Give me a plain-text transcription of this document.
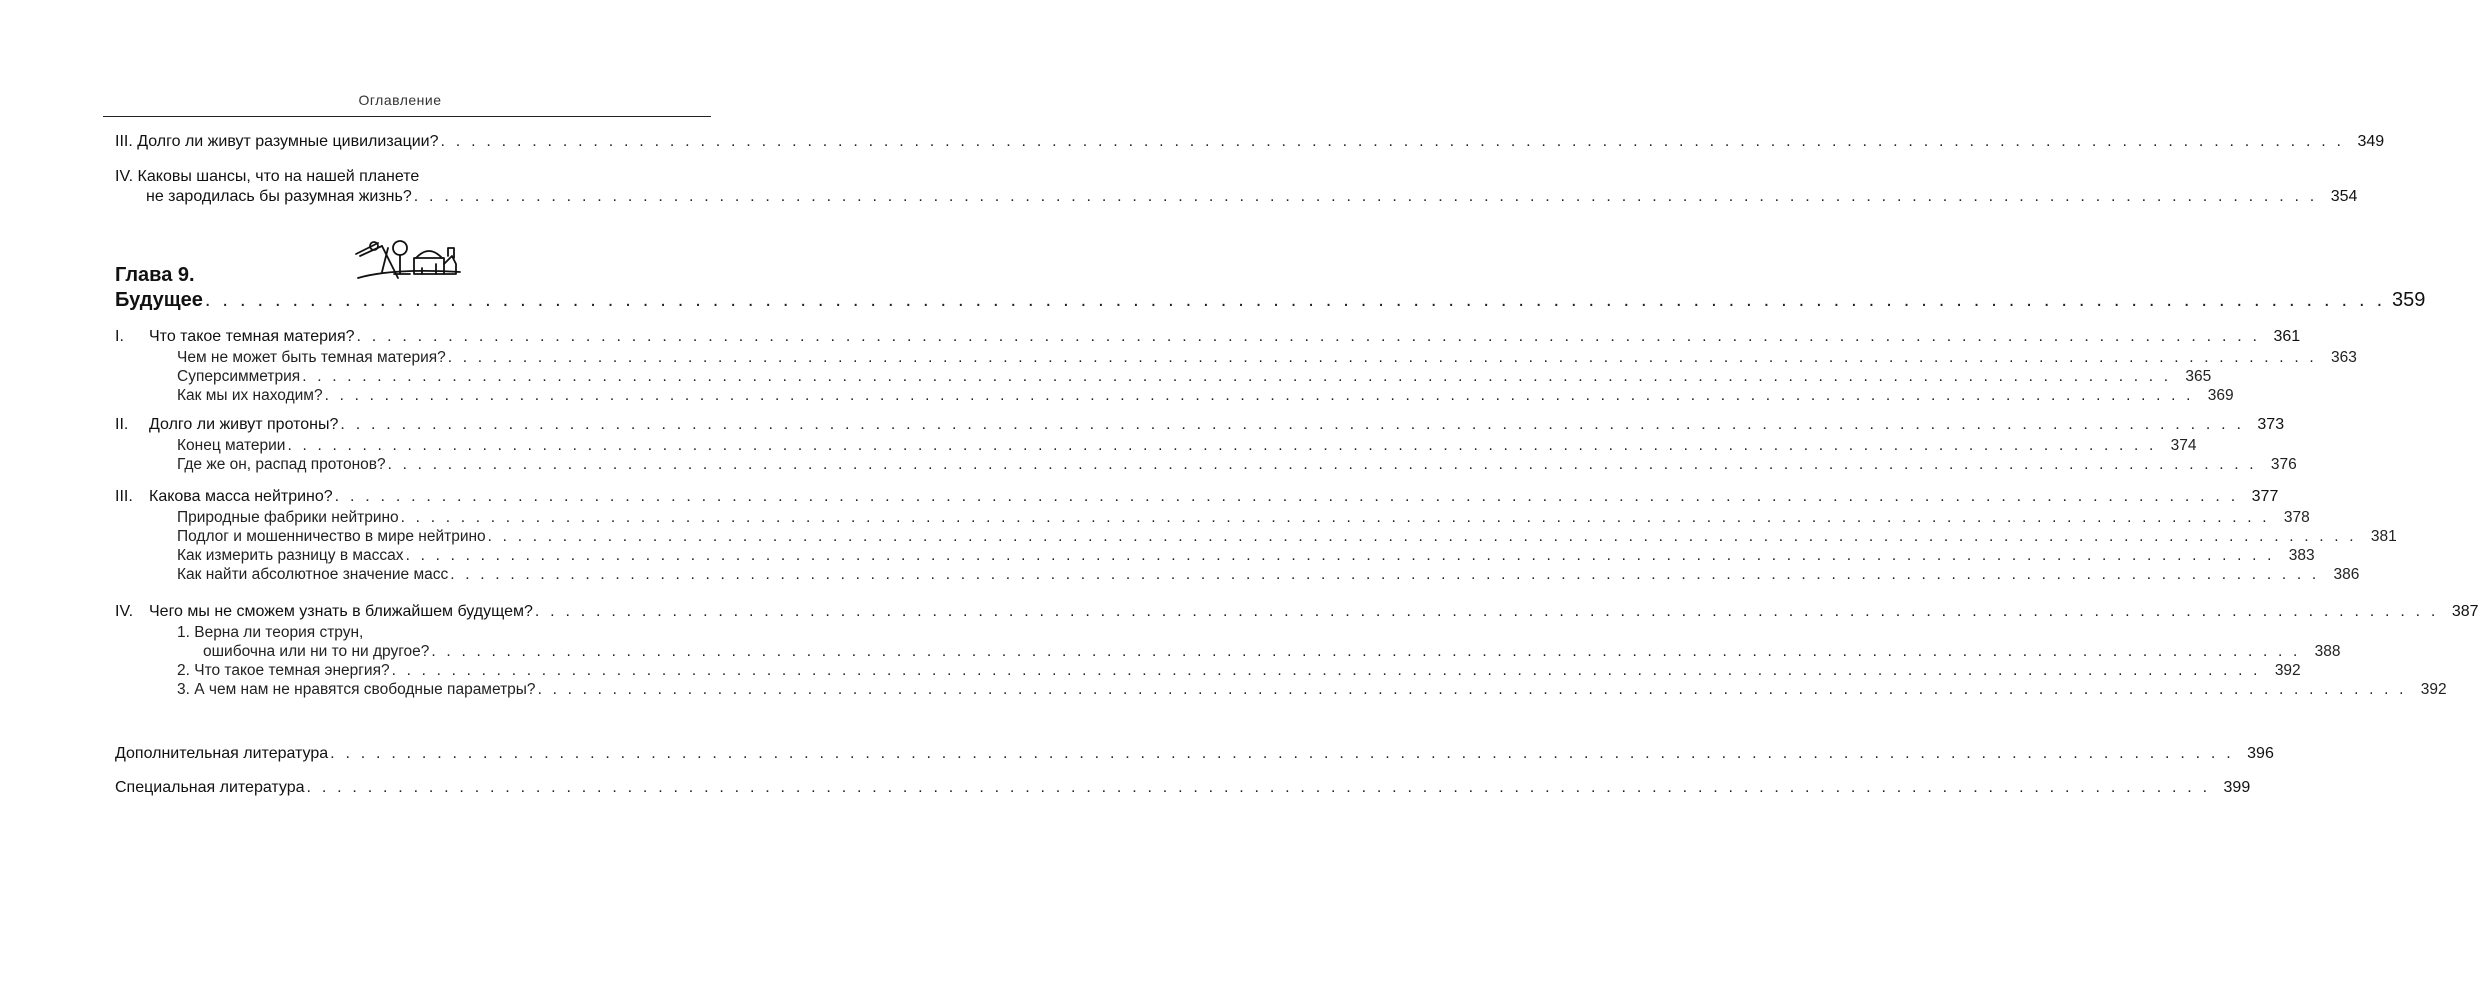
Оглавление
III. Долго ли живут разумные цивилизации? . . .	349
IV. Каковы шансы, что на нашей планете
не зародилась бы разумная жизнь? . . .	354
Глава 9.
Будущее . . .	359
I. Что такое темная материя? . . .	361
Чем не может быть темная материя? . . .	363
Суперсимметрия . . .	365
Как мы их находим? . . .	369
II. Долго ли живут протоны? . . .	373
Конец материи . . .	374
Где же он, распад протонов? . . .	376
III. Какова масса нейтрино? . . .	377
Природные фабрики нейтрино . . .	378
Подлог и мошенничество в мире нейтрино . . .	381
Как измерить разницу в массах . . .	383
Как найти абсолютное значение масс . . .	386
IV. Чего мы не сможем узнать в ближайшем будущем? . . .	387
1. Верна ли теория струн,
ошибочна или ни то ни другое? . . .	388
2. Что такое темная энергия? . . .	392
3. А чем нам не нравятся свободные параметры? . . .	392
Дополнительная литература . . .	396
Специальная литература . . .	399
